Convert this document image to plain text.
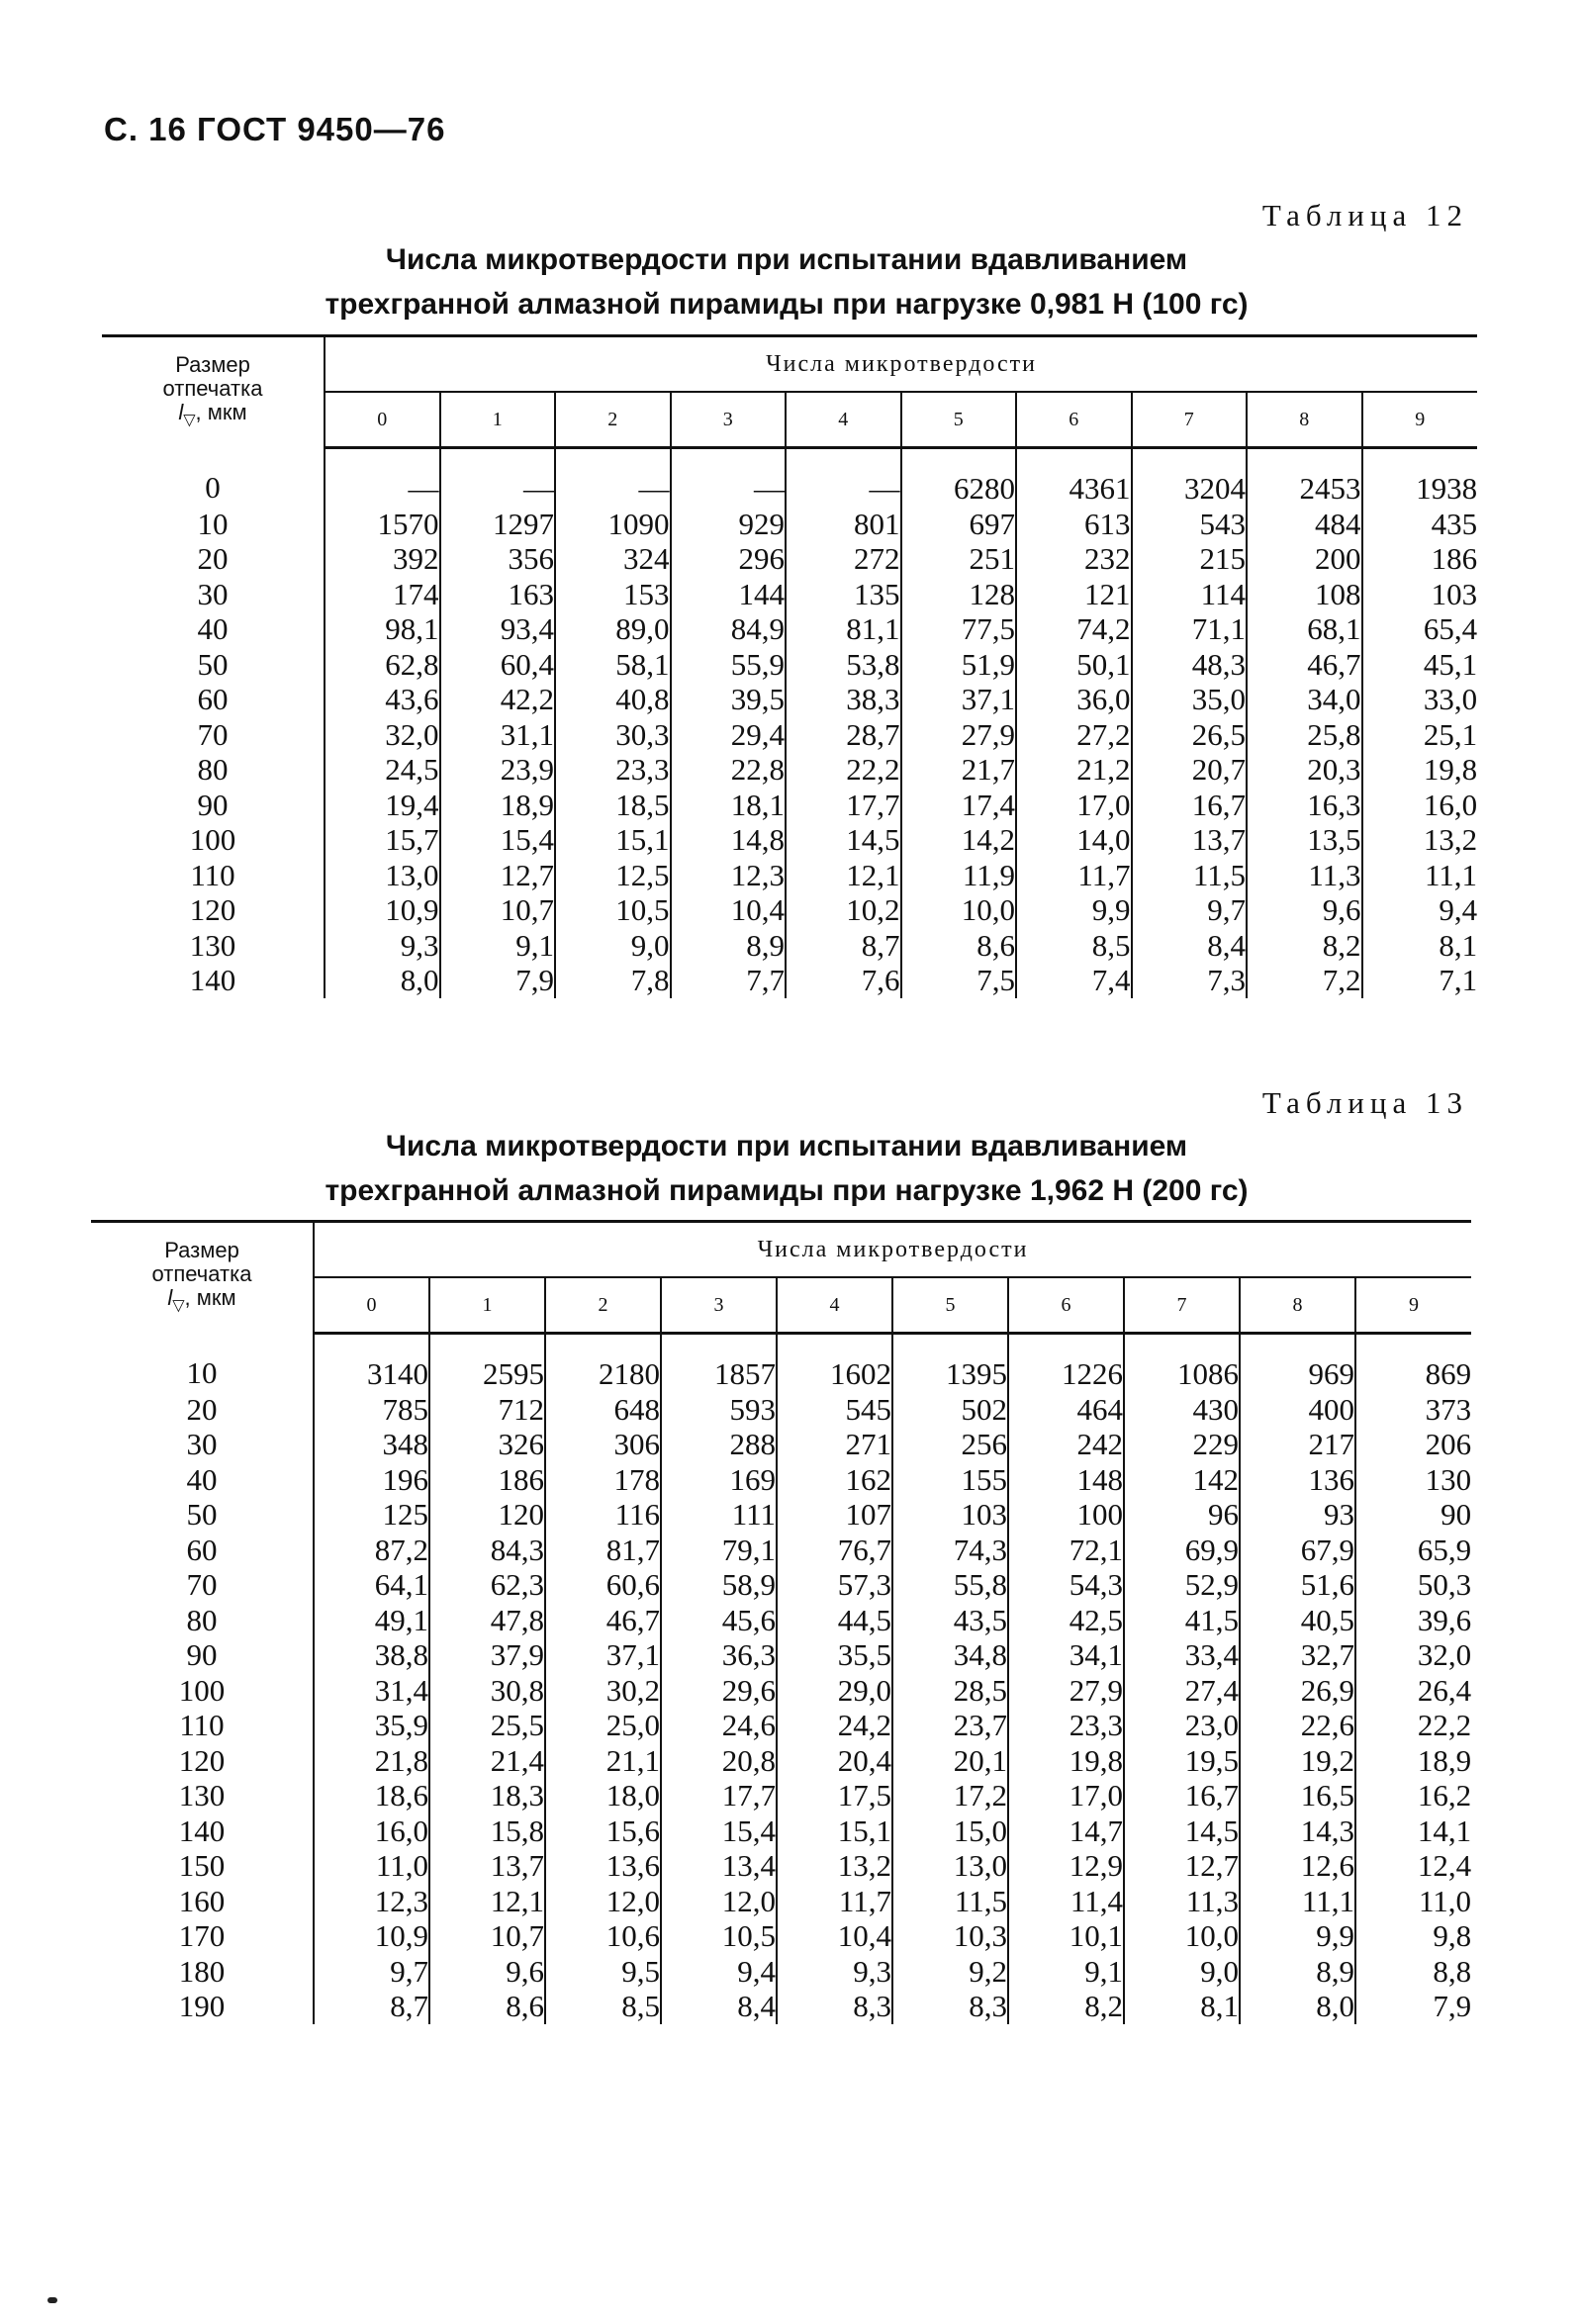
С. 16 ГОСТ 9450—76
Таблица 12
Числа микротвердости при испытании вдавливанием
трехгранной алмазной пирамиды при нагрузке 0,981 Н (100 гс)
Размер
отпечатка
$l_▽$, мкм	Числа микротвердости									
	0	1	2	3	4	5	6	7	8	9
0	—	—	—	—	—	6280	4361	3204	2453	1938
10	1570	1297	1090	929	801	697	613	543	484	435
20	392	356	324	296	272	251	232	215	200	186
30	174	163	153	144	135	128	121	114	108	103
40	98,1	93,4	89,0	84,9	81,1	77,5	74,2	71,1	68,1	65,4
50	62,8	60,4	58,1	55,9	53,8	51,9	50,1	48,3	46,7	45,1
60	43,6	42,2	40,8	39,5	38,3	37,1	36,0	35,0	34,0	33,0
70	32,0	31,1	30,3	29,4	28,7	27,9	27,2	26,5	25,8	25,1
80	24,5	23,9	23,3	22,8	22,2	21,7	21,2	20,7	20,3	19,8
90	19,4	18,9	18,5	18,1	17,7	17,4	17,0	16,7	16,3	16,0
100	15,7	15,4	15,1	14,8	14,5	14,2	14,0	13,7	13,5	13,2
110	13,0	12,7	12,5	12,3	12,1	11,9	11,7	11,5	11,3	11,1
120	10,9	10,7	10,5	10,4	10,2	10,0	9,9	9,7	9,6	9,4
130	9,3	9,1	9,0	8,9	8,7	8,6	8,5	8,4	8,2	8,1
140	8,0	7,9	7,8	7,7	7,6	7,5	7,4	7,3	7,2	7,1
Таблица 13
Числа микротвердости при испытании вдавливанием
трехгранной алмазной пирамиды при нагрузке 1,962 Н (200 гс)
Размер
отпечатка
$l_▽$, мкм	Числа микротвердости									
	0	1	2	3	4	5	6	7	8	9
10	3140	2595	2180	1857	1602	1395	1226	1086	969	869
20	785	712	648	593	545	502	464	430	400	373
30	348	326	306	288	271	256	242	229	217	206
40	196	186	178	169	162	155	148	142	136	130
50	125	120	116	111	107	103	100	96	93	90
60	87,2	84,3	81,7	79,1	76,7	74,3	72,1	69,9	67,9	65,9
70	64,1	62,3	60,6	58,9	57,3	55,8	54,3	52,9	51,6	50,3
80	49,1	47,8	46,7	45,6	44,5	43,5	42,5	41,5	40,5	39,6
90	38,8	37,9	37,1	36,3	35,5	34,8	34,1	33,4	32,7	32,0
100	31,4	30,8	30,2	29,6	29,0	28,5	27,9	27,4	26,9	26,4
110	35,9	25,5	25,0	24,6	24,2	23,7	23,3	23,0	22,6	22,2
120	21,8	21,4	21,1	20,8	20,4	20,1	19,8	19,5	19,2	18,9
130	18,6	18,3	18,0	17,7	17,5	17,2	17,0	16,7	16,5	16,2
140	16,0	15,8	15,6	15,4	15,1	15,0	14,7	14,5	14,3	14,1
150	11,0	13,7	13,6	13,4	13,2	13,0	12,9	12,7	12,6	12,4
160	12,3	12,1	12,0	12,0	11,7	11,5	11,4	11,3	11,1	11,0
170	10,9	10,7	10,6	10,5	10,4	10,3	10,1	10,0	9,9	9,8
180	9,7	9,6	9,5	9,4	9,3	9,2	9,1	9,0	8,9	8,8
190	8,7	8,6	8,5	8,4	8,3	8,3	8,2	8,1	8,0	7,9
